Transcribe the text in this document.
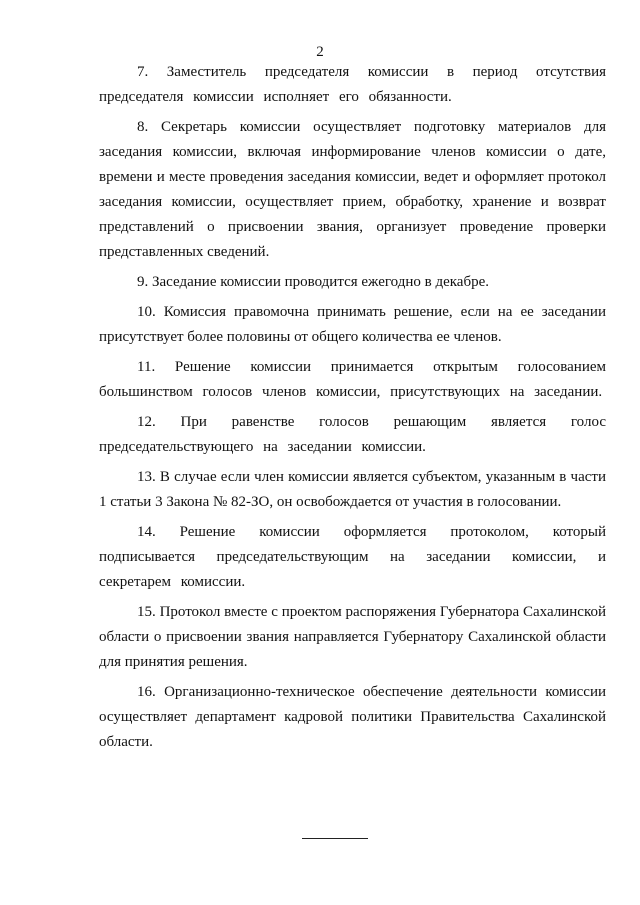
2

7. Заместитель председателя комиссии в период отсутствия председателя комиссии исполняет его обязанности.

8. Секретарь комиссии осуществляет подготовку материалов для заседания комиссии, включая информирование членов комиссии о дате, времени и месте проведения заседания комиссии, ведет и оформляет протокол заседания комиссии, осуществляет прием, обработку, хранение и возврат представлений о присвоении звания, организует проведение проверки представленных сведений.

9. Заседание комиссии проводится ежегодно в декабре.

10. Комиссия правомочна принимать решение, если на ее заседании присутствует более половины от общего количества ее членов.

11. Решение комиссии принимается открытым голосованием большинством голосов членов комиссии, присутствующих на заседании.

12. При равенстве голосов решающим является голос председательствующего на заседании комиссии.

13. В случае если член комиссии является субъектом, указанным в части 1 статьи 3 Закона № 82-ЗО, он освобождается от участия в голосовании.

14. Решение комиссии оформляется протоколом, который подписывается председательствующим на заседании комиссии, и секретарем комиссии.

15. Протокол вместе с проектом распоряжения Губернатора Сахалинской области о присвоении звания направляется Губернатору Сахалинской области для принятия решения.

16. Организационно-техническое обеспечение деятельности комиссии осуществляет департамент кадровой политики Правительства Сахалинской области.
